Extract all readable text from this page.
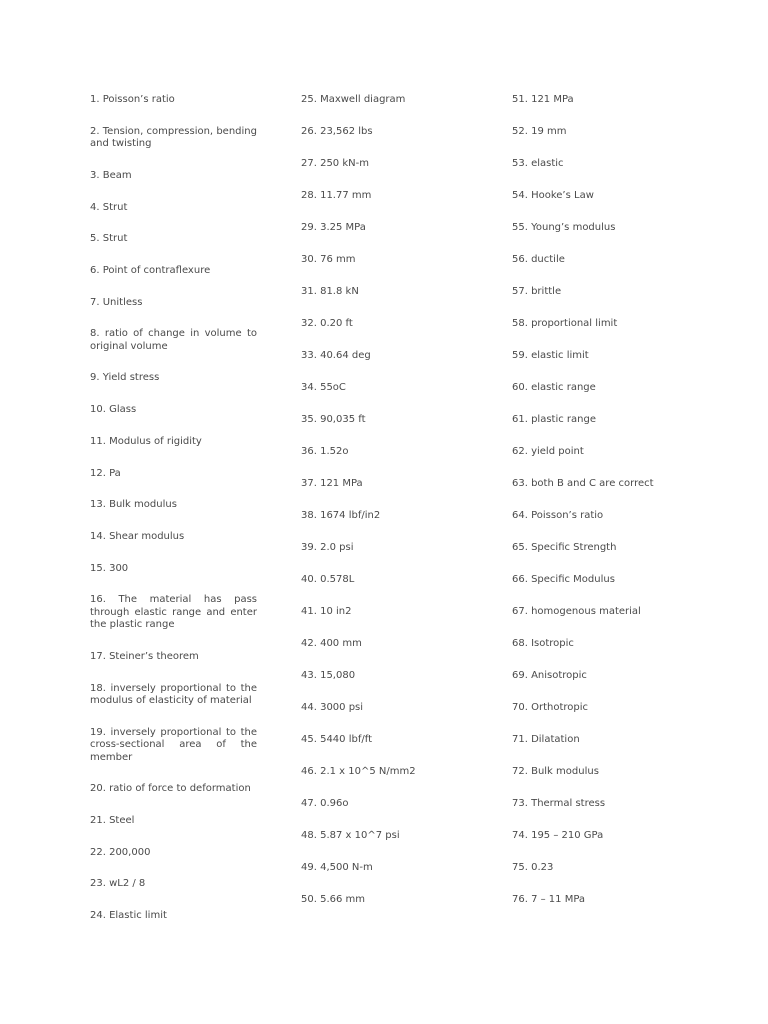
1. Poisson’s ratio
2. Tension, compression, bending and twisting
3. Beam
4. Strut
5. Strut
6. Point of contraflexure
7. Unitless
8. ratio of change in volume to original volume
9. Yield stress
10. Glass
11. Modulus of rigidity
12. Pa
13. Bulk modulus
14. Shear modulus
15. 300
16. The material has pass through elastic range and enter the plastic range
17. Steiner’s theorem
18. inversely proportional to the modulus of elasticity of material
19. inversely proportional to the cross-sectional area of the member
20. ratio of force to deformation
21. Steel
22. 200,000
23. wL2 / 8
24. Elastic limit
25. Maxwell diagram
26. 23,562 lbs
27. 250 kN-m
28. 11.77 mm
29. 3.25 MPa
30. 76 mm
31. 81.8 kN
32. 0.20 ft
33. 40.64 deg
34. 55oC
35. 90,035 ft
36. 1.52o
37. 121 MPa
38. 1674 lbf/in2
39. 2.0 psi
40. 0.578L
41. 10 in2
42. 400 mm
43. 15,080
44. 3000 psi
45. 5440 lbf/ft
46. 2.1 x 10^5 N/mm2
47. 0.96o
48. 5.87 x 10^7 psi
49. 4,500 N-m
50. 5.66 mm
51. 121 MPa
52. 19 mm
53. elastic
54. Hooke’s Law
55. Young’s modulus
56. ductile
57. brittle
58. proportional limit
59. elastic limit
60. elastic range
61. plastic range
62. yield point
63. both B and C are correct
64. Poisson’s ratio
65. Specific Strength
66. Specific Modulus
67. homogenous material
68. Isotropic
69. Anisotropic
70. Orthotropic
71. Dilatation
72. Bulk modulus
73. Thermal stress
74. 195 – 210 GPa
75. 0.23
76. 7 – 11 MPa
